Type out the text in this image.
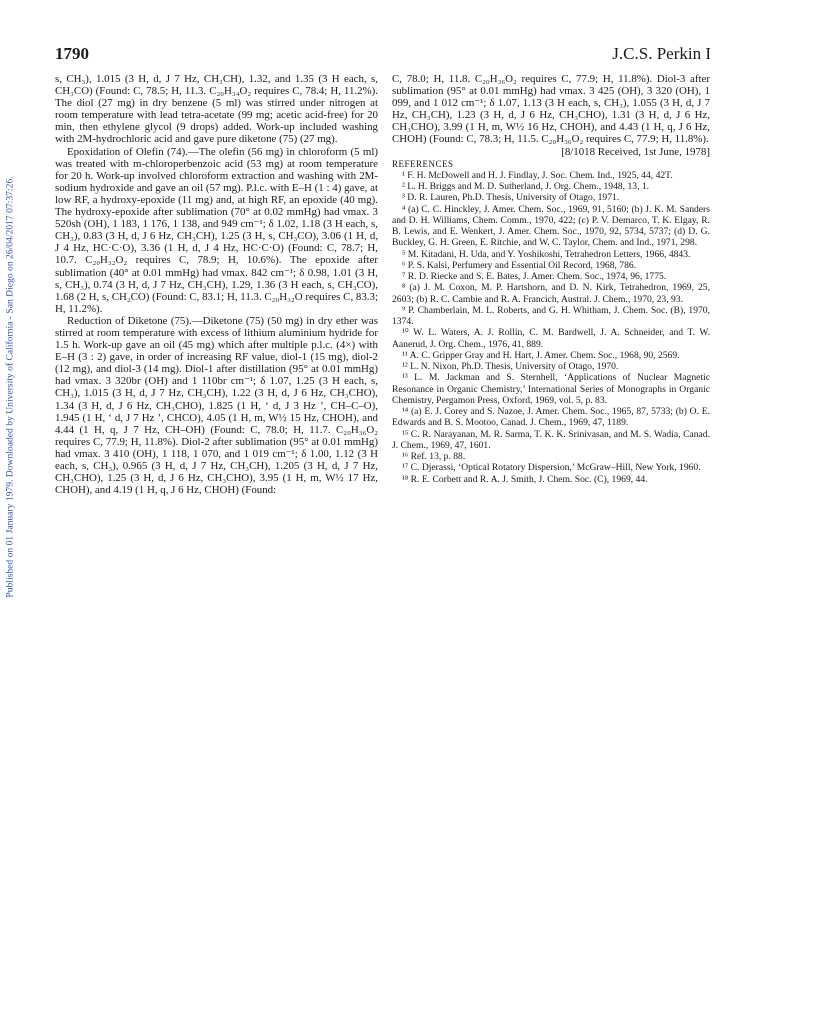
Published on 01 January 1979. Downloaded by University of California - San Diego on 26/04/2017 07:37:26.
1790	J.C.S. Perkin I

s, CH₃), 1.015 (3 H, d, J 7 Hz, CH₃CH), 1.32, and 1.35 (3 H each, s, CH₃CO) (Found: C, 78.5; H, 11.3. C₂₀H₃₄O₂ requires C, 78.4; H, 11.2%). The diol (27 mg) in dry benzene (5 ml) was stirred under nitrogen at room temperature with lead tetra-acetate (99 mg; acetic acid-free) for 20 min, then ethylene glycol (9 drops) added. Work-up included washing with 2M-hydrochloric acid and gave pure diketone (75) (27 mg).

Epoxidation of Olefin (74).—The olefin (56 mg) in chloroform (5 ml) was treated with m-chloroperbenzoic acid (53 mg) at room temperature for 20 h. Work-up involved chloroform extraction and washing with 2M-sodium hydroxide and gave an oil (57 mg). P.l.c. with E–H (1 : 4) gave, at low RF, a hydroxy-epoxide (11 mg) and, at high RF, an epoxide (40 mg). The hydroxy-epoxide after sublimation (70° at 0.02 mmHg) had νmax. 3 520sh (OH), 1 183, 1 176, 1 138, and 949 cm⁻¹; δ 1.02, 1.18 (3 H each, s, CH₃), 0.83 (3 H, d, J 6 Hz, CH₃CH), 1.25 (3 H, s, CH₃CO), 3.06 (1 H, d, J 4 Hz, HC·C·O), 3.36 (1 H, d, J 4 Hz, HC·C·O) (Found: C, 78.7; H, 10.7. C₂₀H₃₂O₂ requires C, 78.9; H, 10.6%). The epoxide after sublimation (40° at 0.01 mmHg) had νmax. 842 cm⁻¹; δ 0.98, 1.01 (3 H, s, CH₃), 0.74 (3 H, d, J 7 Hz, CH₃CH), 1.29, 1.36 (3 H each, s, CH₃CO), 1.68 (2 H, s, CH₂CO) (Found: C, 83.1; H, 11.3. C₂₀H₃₂O requires C, 83.3; H, 11.2%).

Reduction of Diketone (75).—Diketone (75) (50 mg) in dry ether was stirred at room temperature with excess of lithium aluminium hydride for 1.5 h. Work-up gave an oil (45 mg) which after multiple p.l.c. (4×) with E–H (3 : 2) gave, in order of increasing RF value, diol-1 (15 mg), diol-2 (12 mg), and diol-3 (14 mg). Diol-1 after distillation (95° at 0.01 mmHg) had νmax. 3 320br (OH) and 1 110br cm⁻¹; δ 1.07, 1.25 (3 H each, s, CH₃), 1.015 (3 H, d, J 7 Hz, CH₃CH), 1.22 (3 H, d, J 6 Hz, CH₃CHO), 1.34 (3 H, d, J 6 Hz, CH₃CHO), 1.825 (1 H, ‘ d, J 3 Hz ’, CH–C–O), 1.945 (1 H, ‘ d, J 7 Hz ’, CHCO), 4.05 (1 H, m, W½ 15 Hz, CHOH), and 4.44 (1 H, q, J 7 Hz, CH–OH) (Found: C, 78.0; H, 11.7. C₂₀H₃₆O₂ requires C, 77.9; H, 11.8%). Diol-2 after sublimation (95° at 0.01 mmHg) had νmax. 3 410 (OH), 1 118, 1 070, and 1 019 cm⁻¹; δ 1.00, 1.12 (3 H each, s, CH₃), 0.965 (3 H, d, J 7 Hz, CH₃CH), 1.205 (3 H, d, J 7 Hz, CH₃CHO), 1.25 (3 H, d, J 6 Hz, CH₃CHO), 3.95 (1 H, m, W½ 17 Hz, CHOH), and 4.19 (1 H, q, J 6 Hz, CHOH) (Found:

C, 78.0; H, 11.8. C₂₀H₃₆O₂ requires C, 77.9; H, 11.8%). Diol-3 after sublimation (95° at 0.01 mmHg) had νmax. 3 425 (OH), 3 320 (OH), 1 099, and 1 012 cm⁻¹; δ 1.07, 1.13 (3 H each, s, CH₃), 1.055 (3 H, d, J 7 Hz, CH₃CH), 1.23 (3 H, d, J 6 Hz, CH₃CHO), 1.31 (3 H, d, J 6 Hz, CH₃CHO), 3.99 (1 H, m, W½ 16 Hz, CHOH), and 4.43 (1 H, q, J 6 Hz, CHOH) (Found: C, 78.3; H, 11.5. C₂₀H₃₆O₂ requires C, 77.9; H, 11.8%).

[8/1018 Received, 1st June, 1978]

REFERENCES

¹ F. H. McDowell and H. J. Findlay, J. Soc. Chem. Ind., 1925, 44, 42T.

² L. H. Briggs and M. D. Sutherland, J. Org. Chem., 1948, 13, 1.

³ D. R. Lauren, Ph.D. Thesis, University of Otago, 1971.

⁴ (a) C. C. Hinckley, J. Amer. Chem. Soc., 1969, 91, 5160; (b) J. K. M. Sanders and D. H. Williams, Chem. Comm., 1970, 422; (c) P. V. Demarco, T. K. Elgay, R. B. Lewis, and E. Wenkert, J. Amer. Chem. Soc., 1970, 92, 5734, 5737; (d) D. G. Buckley, G. H. Green, E. Ritchie, and W. C. Taylor, Chem. and Ind., 1971, 298.

⁵ M. Kitadani, H. Uda, and Y. Yoshikoshi, Tetrahedron Letters, 1966, 4843.

⁶ P. S. Kalsi, Perfumery and Essential Oil Record, 1968, 786.

⁷ R. D. Riecke and S. E. Bates, J. Amer. Chem. Soc., 1974, 96, 1775.

⁸ (a) J. M. Coxon, M. P. Hartshorn, and D. N. Kirk, Tetrahedron, 1969, 25, 2603; (b) R. C. Cambie and R. A. Francich, Austral. J. Chem., 1970, 23, 93.

⁹ P. Chamberlain, M. L. Roberts, and G. H. Whitham, J. Chem. Soc. (B), 1970, 1374.

¹⁰ W. L. Waters, A. J. Rollin, C. M. Bardwell, J. A. Schneider, and T. W. Aanerud, J. Org. Chem., 1976, 41, 889.

¹¹ A. C. Gripper Gray and H. Hart, J. Amer. Chem. Soc., 1968, 90, 2569.

¹² L. N. Nixon, Ph.D. Thesis, University of Otago, 1970.

¹³ L. M. Jackman and S. Sternhell, ‘Applications of Nuclear Magnetic Resonance in Organic Chemistry,’ International Series of Monographs in Organic Chemistry, Pergamon Press, Oxford, 1969, vol. 5, p. 83.

¹⁴ (a) E. J. Corey and S. Nazoe, J. Amer. Chem. Soc., 1965, 87, 5733; (b) O. E. Edwards and B. S. Mootoo, Canad. J. Chem., 1969, 47, 1189.

¹⁵ C. R. Narayanan, M. R. Sarma, T. K. K. Srinivasan, and M. S. Wadia, Canad. J. Chem., 1969, 47, 1601.

¹⁶ Ref. 13, p. 88.

¹⁷ C. Djerassi, ‘Optical Rotatory Dispersion,’ McGraw–Hill, New York, 1960.

¹⁸ R. E. Corbett and R. A. J. Smith, J. Chem. Soc. (C), 1969, 44.
